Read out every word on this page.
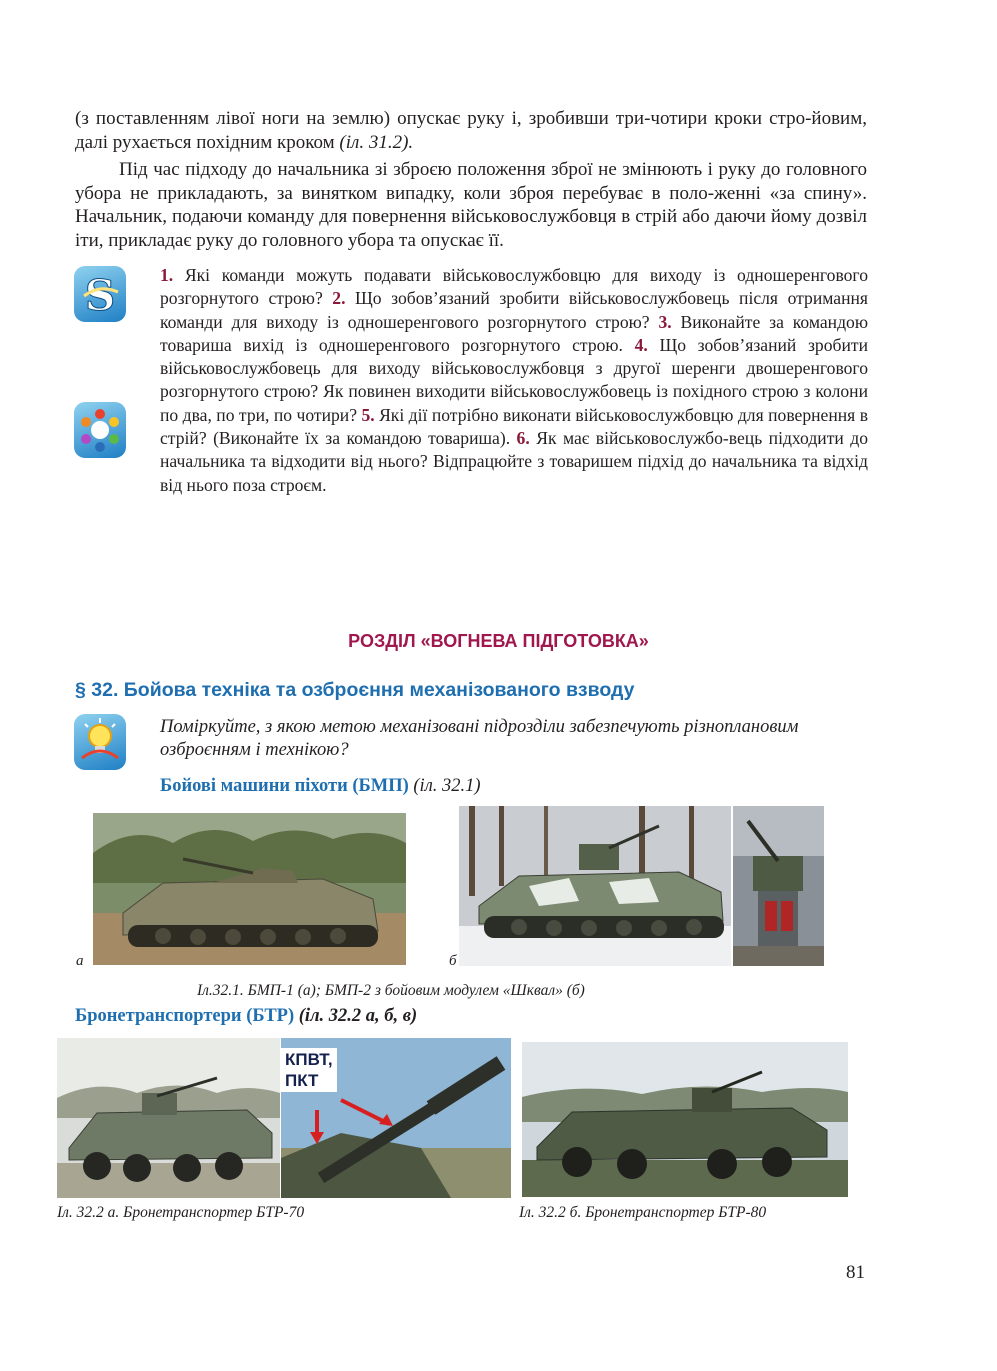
(з поставленням лівої ноги на землю) опускає руку і, зробивши три-чотири кроки стро-йовим, далі рухається похідним кроком (іл. 31.2).

Під час підходу до начальника зі зброєю положення зброї не змінюють і руку до головного убора не прикладають, за винятком випадку, коли зброя перебуває в поло-женні «за спину». Начальник, подаючи команду для повернення військовослужбовця в стрій або даючи йому дозвіл іти, прикладає руку до головного убора та опускає її.

S	1. Які команди можуть подавати військовослужбовцю для виходу із одношеренгового розгорнутого строю? 2. Що зобов’язаний зробити військовослужбовець після отримання команди для виходу із одношеренгового розгорнутого строю? 3. Виконайте за командою товариша вихід із одношеренгового розгорнутого строю. 4. Що зобов’язаний зробити військовослужбовець для виходу військовослужбовця з другої шеренги двошеренгового розгорнутого строю? Як повинен виходити військовослужбовець із похідного строю з колони по два, по три, по чотири? 5. Які дії потрібно виконати військовослужбовцю для повернення в стрій? (Виконайте їх за командою товариша). 6. Як має військовослужбо-вець підходити до начальника та відходити від нього? Відпрацюйте з товаришем підхід до начальника та відхід від нього поза строєм.

РОЗДІЛ «ВОГНЕВА ПІДГОТОВКА»
§ 32. Бойова техніка та озброєння механізованого взводу

Поміркуйте, з якою метою механізовані підрозділи забезпечують різноплановим озброєнням і технікою?

Бойові машини піхоти (БМП) (іл. 32.1)
а	б
Іл.32.1. БМП-1 (а); БМП-2 з бойовим модулем «Шквал» (б)
Бронетранспортери (БТР) (іл. 32.2 а, б, в)
КПВТ,
ПКТ
Іл. 32.2 а. Бронетранспортер БТР-70	Іл. 32.2 б. Бронетранспортер БТР-80
81
